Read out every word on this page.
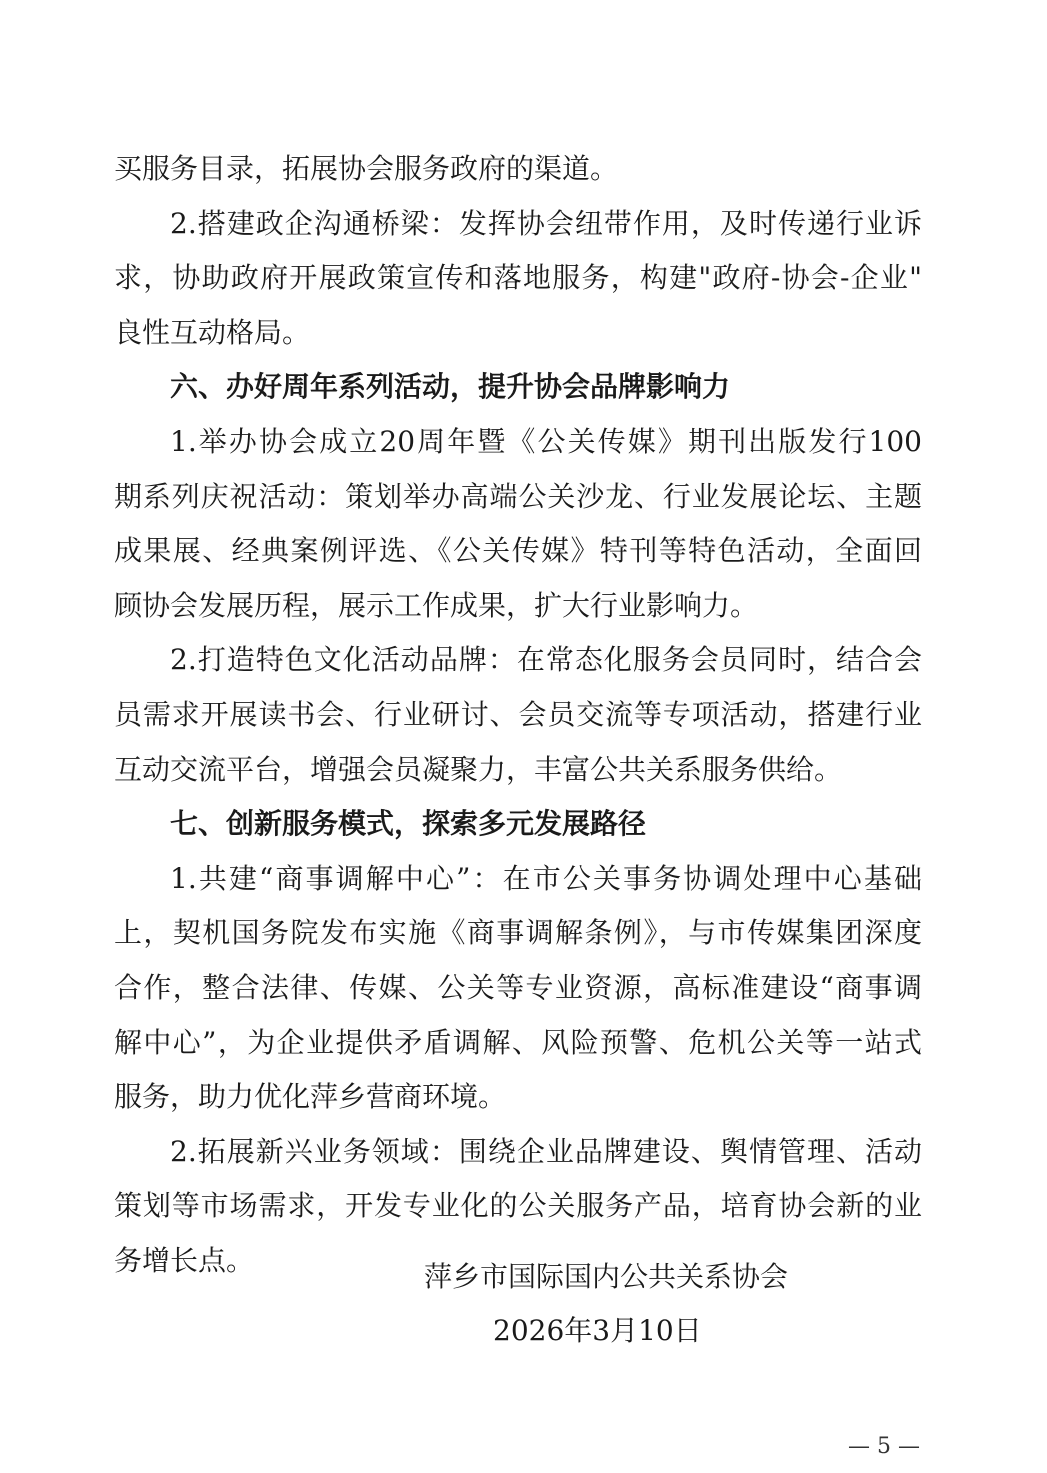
买服务目录，拓展协会服务政府的渠道。
2.搭建政企沟通桥梁：发挥协会纽带作用，及时传递行业诉
求，协助政府开展政策宣传和落地服务，构建"政府-协会-企业"
良性互动格局。
六、办好周年系列活动，提升协会品牌影响力
1.举办协会成立20周年暨《公关传媒》期刊出版发行100
期系列庆祝活动：策划举办高端公关沙龙、行业发展论坛、主题
成果展、经典案例评选、《公关传媒》特刊等特色活动，全面回
顾协会发展历程，展示工作成果，扩大行业影响力。
2.打造特色文化活动品牌：在常态化服务会员同时，结合会
员需求开展读书会、行业研讨、会员交流等专项活动，搭建行业
互动交流平台，增强会员凝聚力，丰富公共关系服务供给。
七、创新服务模式，探索多元发展路径
1.共建“商事调解中心”：在市公关事务协调处理中心基础
上，契机国务院发布实施《商事调解条例》，与市传媒集团深度
合作，整合法律、传媒、公关等专业资源，高标准建设“商事调
解中心”，为企业提供矛盾调解、风险预警、危机公关等一站式
服务，助力优化萍乡营商环境。
2.拓展新兴业务领域：围绕企业品牌建设、舆情管理、活动
策划等市场需求，开发专业化的公关服务产品，培育协会新的业
务增长点。	萍乡市国际国内公共关系协会
2026年3月10日
— 5 —
